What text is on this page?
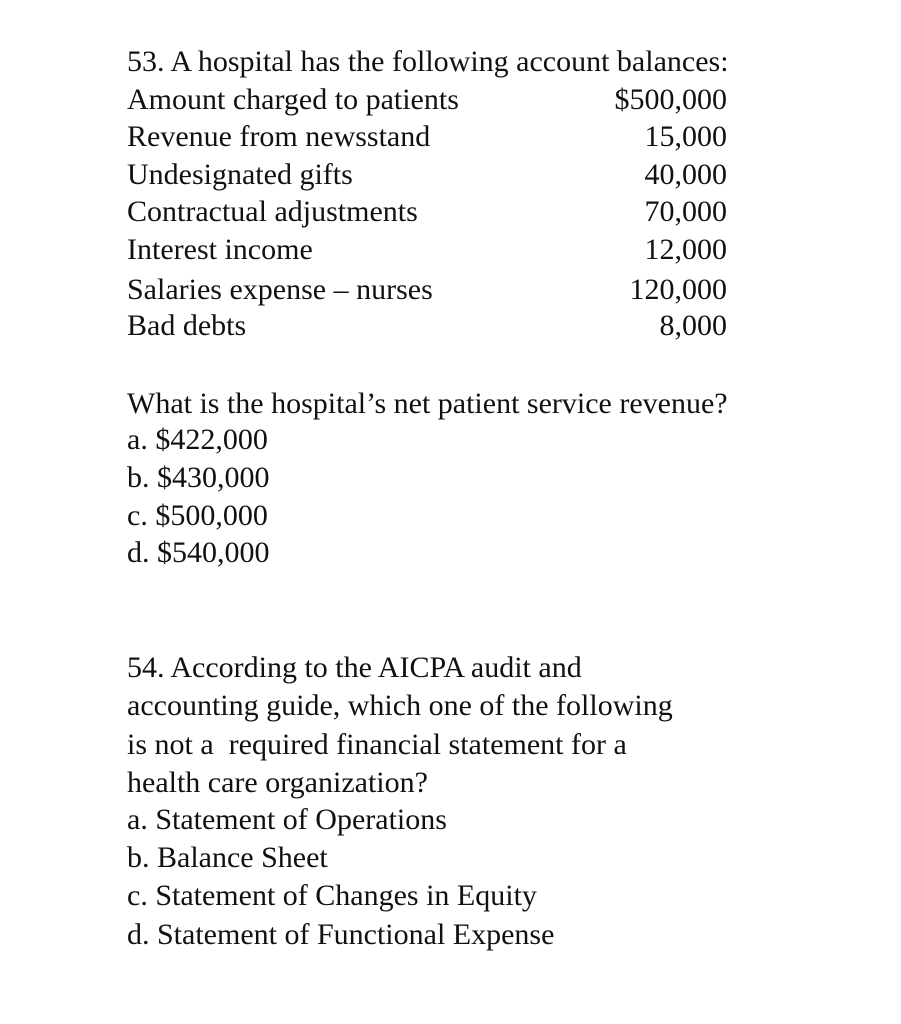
53. A hospital has the following account balances:
Amount charged to patients	$500,000
Revenue from newsstand	15,000
Undesignated gifts	40,000
Contractual adjustments	70,000
Interest income	12,000
Salaries expense – nurses	120,000
Bad debts	8,000
What is the hospital’s net patient service revenue?
a. $422,000
b. $430,000
c. $500,000
d. $540,000
54. According to the AICPA audit and
accounting guide, which one of the following
is not a  required financial statement for a
health care organization?
a. Statement of Operations
b. Balance Sheet
c. Statement of Changes in Equity
d. Statement of Functional Expense
